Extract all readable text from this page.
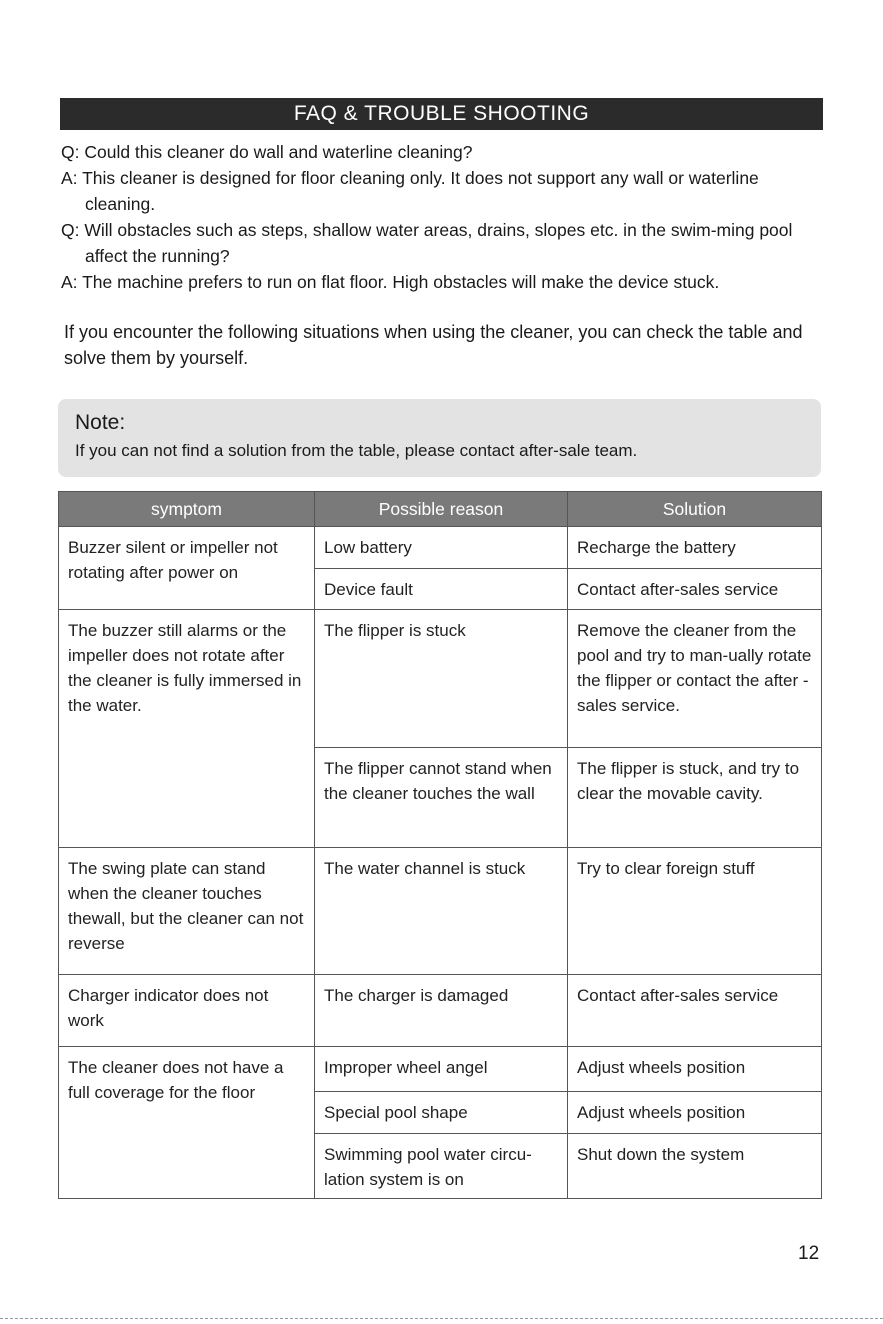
FAQ & TROUBLE SHOOTING

Q: Could this cleaner do wall and waterline cleaning?

A: This cleaner is designed for floor cleaning only. It does not support any wall or waterline cleaning.

Q: Will obstacles such as steps, shallow water areas, drains, slopes etc. in the swim-ming pool affect the running?

A: The machine prefers to run on flat floor. High obstacles will make the device stuck.

If you encounter the following situations when using the cleaner, you can check the table and solve them by yourself.
Note:
If you can not find a solution from the table, please contact after-sale team.
symptom	Possible reason	Solution
Buzzer silent or impeller not rotating after power on	Low battery	Recharge the battery
	Device fault	Contact after-sales service
The buzzer still alarms or the impeller does not rotate after the cleaner is fully immersed in the water.	The flipper is stuck	Remove the cleaner from the pool and try to man-ually rotate the flipper or contact the after -sales service.
	The flipper cannot stand when the cleaner touches the wall	The flipper is stuck, and try to clear the movable cavity.
The swing plate can stand when the cleaner touches thewall, but the cleaner can not reverse	The water channel is stuck	Try to clear foreign stuff
Charger indicator does not work	The charger is damaged	Contact after-sales service
The cleaner does not have a full coverage for the floor	Improper wheel angel	Adjust wheels position
	Special pool shape	Adjust wheels position
	Swimming pool water circu-lation system is on	Shut down the system
12
